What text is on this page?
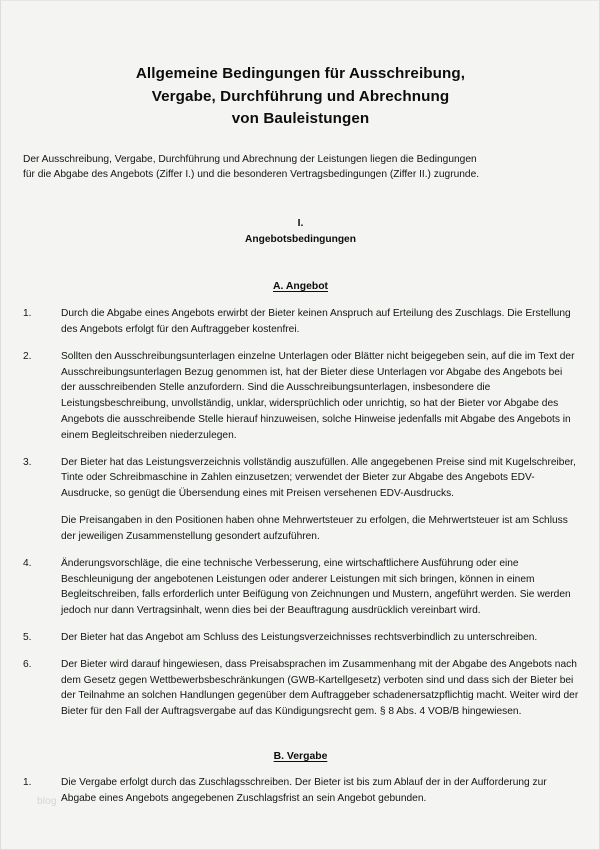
Allgemeine Bedingungen für Ausschreibung,
Vergabe, Durchführung und Abrechnung
von Bauleistungen
Der Ausschreibung, Vergabe, Durchführung und Abrechnung der Leistungen liegen die Bedingungen
für die Abgabe des Angebots (Ziffer I.) und die besonderen Vertragsbedingungen (Ziffer II.) zugrunde.
I.
Angebotsbedingungen
A. Angebot
1.	Durch die Abgabe eines Angebots erwirbt der Bieter keinen Anspruch auf Erteilung des Zuschlags. Die Erstellung des Angebots erfolgt für den Auftraggeber kostenfrei.

2.	Sollten den Ausschreibungsunterlagen einzelne Unterlagen oder Blätter nicht beigegeben sein, auf die im Text der Ausschreibungsunterlagen Bezug genommen ist, hat der Bieter diese Unterlagen vor Abgabe des Angebots bei der ausschreibenden Stelle anzufordern. Sind die Ausschreibungsunterlagen, insbesondere die Leistungsbeschreibung, unvollständig, unklar, widersprüchlich oder unrichtig, so hat der Bieter vor Abgabe des Angebots die ausschreibende Stelle hierauf hinzuweisen, solche Hinweise jedenfalls mit Abgabe des Angebots in einem Begleitschreiben niederzulegen.

3.	Der Bieter hat das Leistungsverzeichnis vollständig auszufüllen. Alle angegebenen Preise sind mit Kugelschreiber, Tinte oder Schreibmaschine in Zahlen einzusetzen; verwendet der Bieter zur Abgabe des Angebots EDV-Ausdrucke, so genügt die Übersendung eines mit Preisen versehenen EDV-Ausdrucks.

Die Preisangaben in den Positionen haben ohne Mehrwertsteuer zu erfolgen, die Mehrwertsteuer ist am Schluss der jeweiligen Zusammenstellung gesondert aufzuführen.

4.	Änderungsvorschläge, die eine technische Verbesserung, eine wirtschaftlichere Ausführung oder eine Beschleunigung der angebotenen Leistungen oder anderer Leistungen mit sich bringen, können in einem Begleitschreiben, falls erforderlich unter Beifügung von Zeichnungen und Mustern, angeführt werden. Sie werden jedoch nur dann Vertragsinhalt, wenn dies bei der Beauftragung ausdrücklich vereinbart wird.

5.	Der Bieter hat das Angebot am Schluss des Leistungsverzeichnisses rechtsverbindlich zu unterschreiben.

6.	Der Bieter wird darauf hingewiesen, dass Preisabsprachen im Zusammenhang mit der Abgabe des Angebots nach dem Gesetz gegen Wettbewerbsbeschränkungen (GWB-Kartellgesetz) verboten sind und dass sich der Bieter bei der Teilnahme an solchen Handlungen gegenüber dem Auftraggeber schadenersatzpflichtig macht. Weiter wird der Bieter für den Fall der Auftragsvergabe auf das Kündigungsrecht gem. § 8 Abs. 4 VOB/B hingewiesen.

B. Vergabe
1.	Die Vergabe erfolgt durch das Zuschlagsschreiben. Der Bieter ist bis zum Ablauf der in der Aufforderung zur Abgabe eines Angebots angegebenen Zuschlagsfrist an sein Angebot gebunden.

blog
